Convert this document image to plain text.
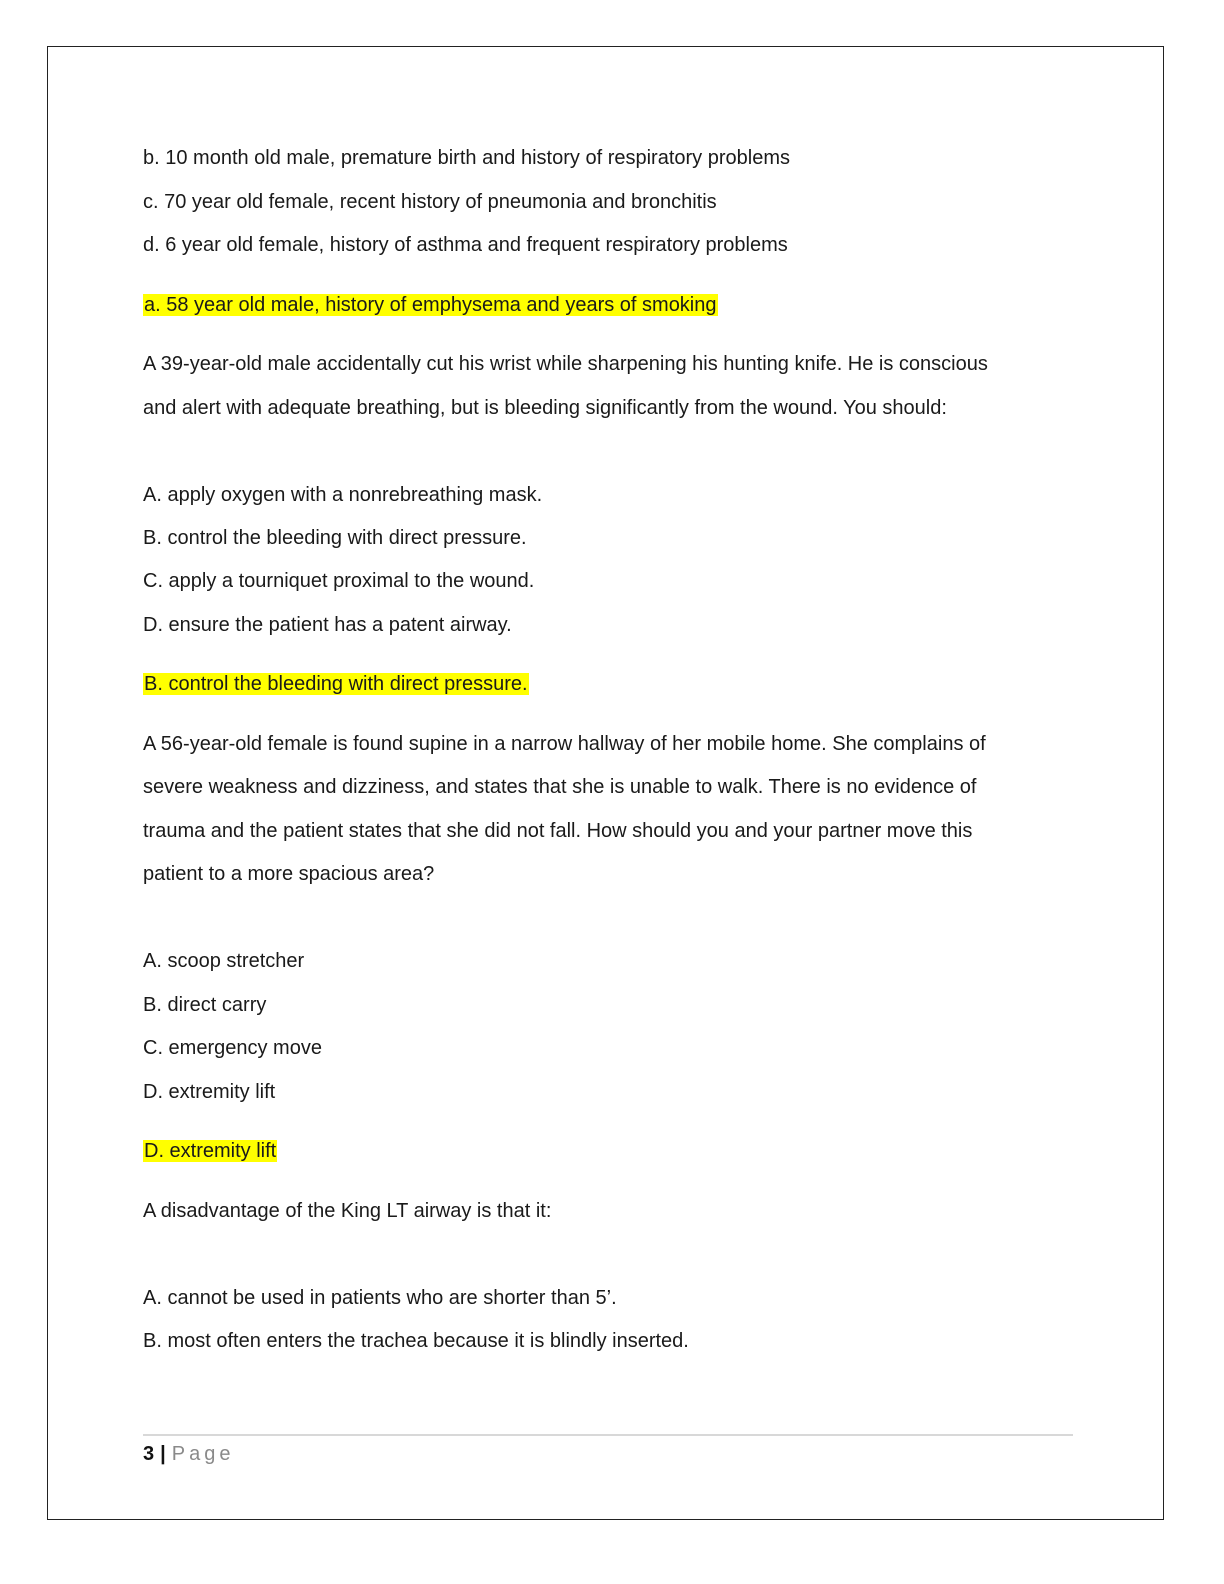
b. 10 month old male, premature birth and history of respiratory problems
c. 70 year old female, recent history of pneumonia and bronchitis
d. 6 year old female, history of asthma and frequent respiratory problems
a. 58 year old male, history of emphysema and years of smoking
A 39-year-old male accidentally cut his wrist while sharpening his hunting knife. He is conscious
and alert with adequate breathing, but is bleeding significantly from the wound. You should:
A. apply oxygen with a nonrebreathing mask.
B. control the bleeding with direct pressure.
C. apply a tourniquet proximal to the wound.
D. ensure the patient has a patent airway.
B. control the bleeding with direct pressure.
A 56-year-old female is found supine in a narrow hallway of her mobile home. She complains of
severe weakness and dizziness, and states that she is unable to walk. There is no evidence of
trauma and the patient states that she did not fall. How should you and your partner move this
patient to a more spacious area?
A. scoop stretcher
B. direct carry
C. emergency move
D. extremity lift
D. extremity lift
A disadvantage of the King LT airway is that it:
A. cannot be used in patients who are shorter than 5’.
B. most often enters the trachea because it is blindly inserted.
3 | Page
